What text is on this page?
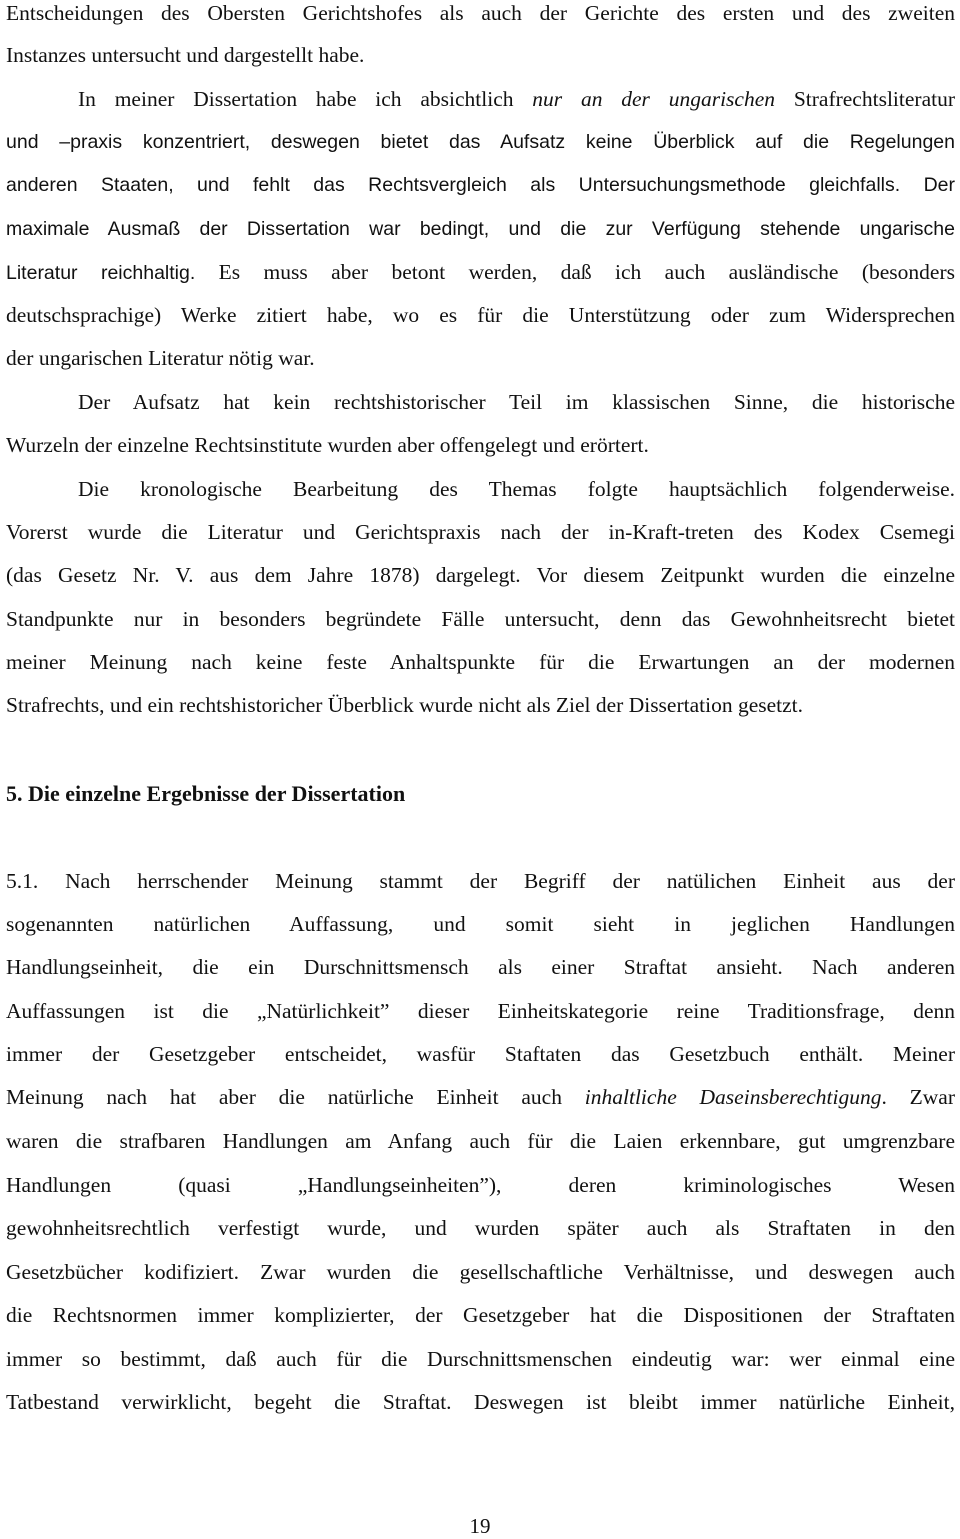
Entscheidungen des Obersten Gerichtshofes als auch der Gerichte des ersten und des zweiten
Instanzes untersucht und dargestellt habe.
In meiner Dissertation habe ich absichtlich nur an der ungarischen Strafrechtsliteratur
und –praxis konzentriert, deswegen bietet das Aufsatz keine Überblick auf die Regelungen
anderen Staaten, und fehlt das Rechtsvergleich als Untersuchungsmethode gleichfalls. Der
maximale Ausmaß der Dissertation war bedingt, und die zur Verfügung stehende ungarische
Literatur reichhaltig. Es muss aber betont werden, daß ich auch ausländische (besonders
deutschsprachige) Werke zitiert habe, wo es für die Unterstützung oder zum Widersprechen
der ungarischen Literatur nötig war.
Der Aufsatz hat kein rechtshistorischer Teil im klassischen Sinne, die historische
Wurzeln der einzelne Rechtsinstitute wurden aber offengelegt und erörtert.
Die kronologische Bearbeitung des Themas folgte hauptsächlich folgenderweise.
Vorerst wurde die Literatur und Gerichtspraxis nach der in-Kraft-treten des Kodex Csemegi
(das Gesetz Nr. V. aus dem Jahre 1878) dargelegt. Vor diesem Zeitpunkt wurden die einzelne
Standpunkte nur in besonders begründete Fälle untersucht, denn das Gewohnheitsrecht bietet
meiner Meinung nach keine feste Anhaltspunkte für die Erwartungen an der modernen
Strafrechts, und ein rechtshistoricher Überblick wurde nicht als Ziel der Dissertation gesetzt.
5. Die einzelne Ergebnisse der Dissertation
5.1. Nach herrschender Meinung stammt der Begriff der natülichen Einheit aus der
sogenannten natürlichen Auffassung, und somit sieht in jeglichen Handlungen
Handlungseinheit, die ein Durschnittsmensch als einer Straftat ansieht. Nach anderen
Auffassungen ist die „Natürlichkeit” dieser Einheitskategorie reine Traditionsfrage, denn
immer der Gesetzgeber entscheidet, wasfür Staftaten das Gesetzbuch enthält. Meiner
Meinung nach hat aber die natürliche Einheit auch inhaltliche Daseinsberechtigung. Zwar
waren die strafbaren Handlungen am Anfang auch für die Laien erkennbare, gut umgrenzbare
Handlungen (quasi „Handlungseinheiten”), deren kriminologisches Wesen
gewohnheitsrechtlich verfestigt wurde, und wurden später auch als Straftaten in den
Gesetzbücher kodifiziert. Zwar wurden die gesellschaftliche Verhältnisse, und deswegen auch
die Rechtsnormen immer komplizierter, der Gesetzgeber hat die Dispositionen der Straftaten
immer so bestimmt, daß auch für die Durschnittsmenschen eindeutig war: wer einmal eine
Tatbestand verwirklicht, begeht die Straftat. Deswegen ist bleibt immer natürliche Einheit,
19
